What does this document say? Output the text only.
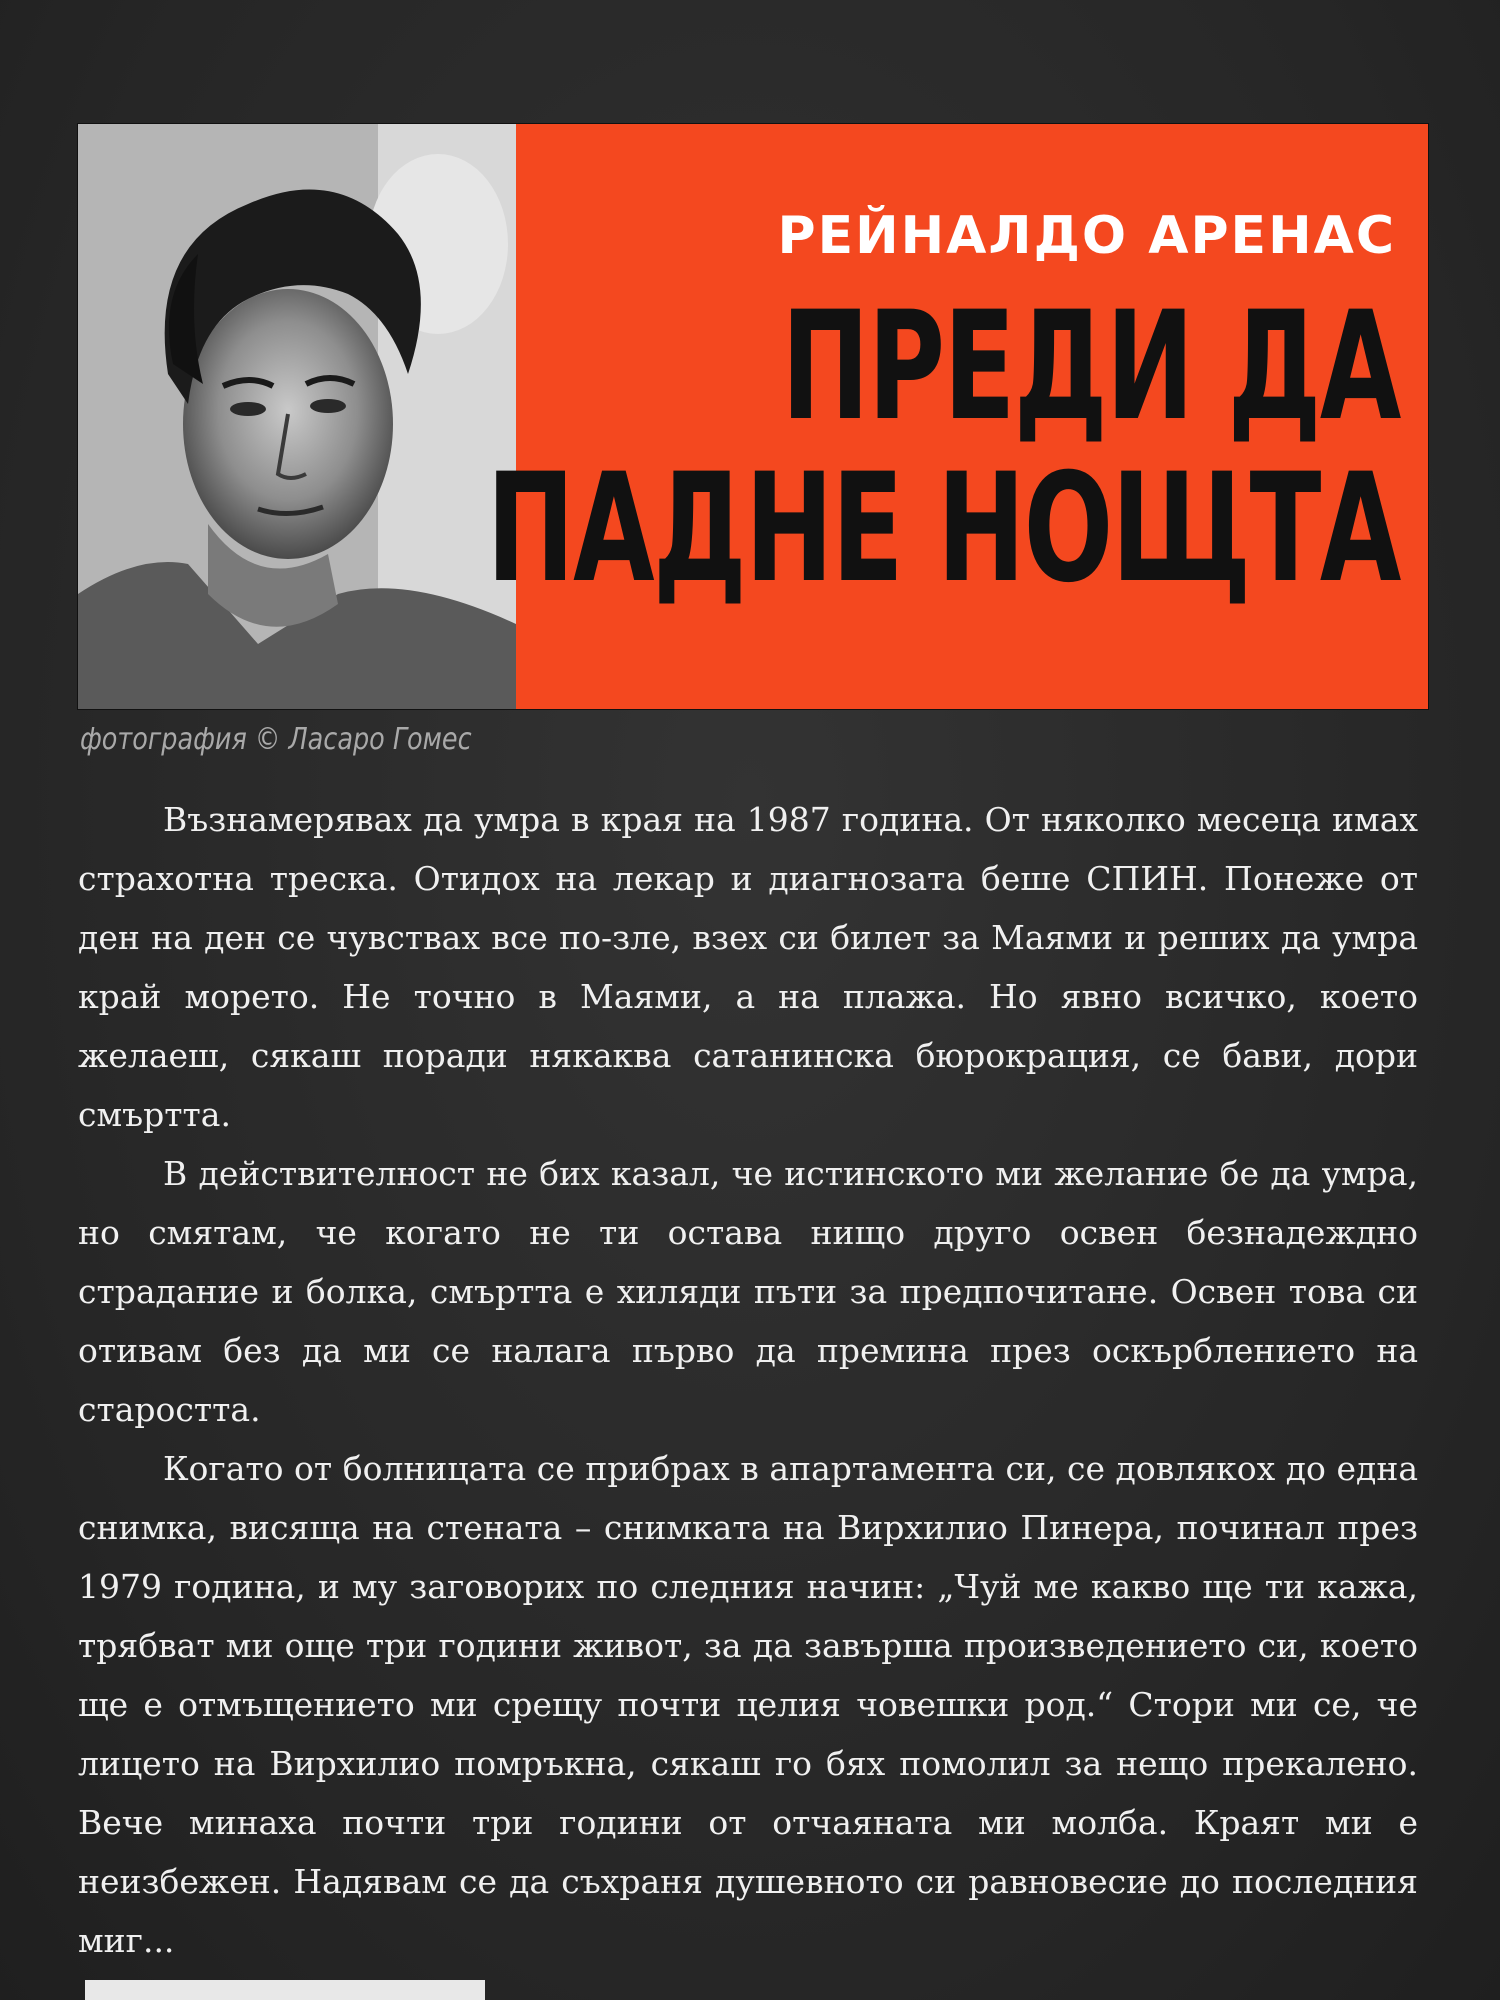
РЕЙНАЛДО АРЕНАС
ПРЕДИ ДА
ПАДНЕ НОЩТА
фотография © Ласаро Гомес

Възнамерявах да умра в края на 1987 година. От няколко месеца имах страхотна треска. Отидох на лекар и диагнозата беше СПИН. Понеже от ден на ден се чувствах все по-зле, взех си билет за Маями и реших да умра край морето. Не точно в Маями, а на плажа. Но явно всичко, което желаеш, сякаш поради някаква сатанинска бюрокрация, се бави, дори смъртта.

В действителност не бих казал, че истинското ми желание бе да умра, но смятам, че когато не ти остава нищо друго освен безнадеждно страдание и болка, смъртта е хиляди пъти за предпочитане. Освен това си отивам без да ми се налага първо да премина през оскърблението на старостта.

Когато от болницата се прибрах в апартамента си, се довлякох до една снимка, висяща на стената – снимката на Вирхилио Пинера, починал през 1979 година, и му заговорих по следния начин: „Чуй ме какво ще ти кажа, трябват ми още три години живот, за да завърша произведението си, което ще е отмъщението ми срещу почти целия човешки род.“ Стори ми се, че лицето на Вирхилио помръкна, сякаш го бях помолил за нещо прекалено. Вече минаха почти три години от отчаяната ми молба. Краят ми е неизбежен. Надявам се да съхраня душевното си равновесие до последния миг...
